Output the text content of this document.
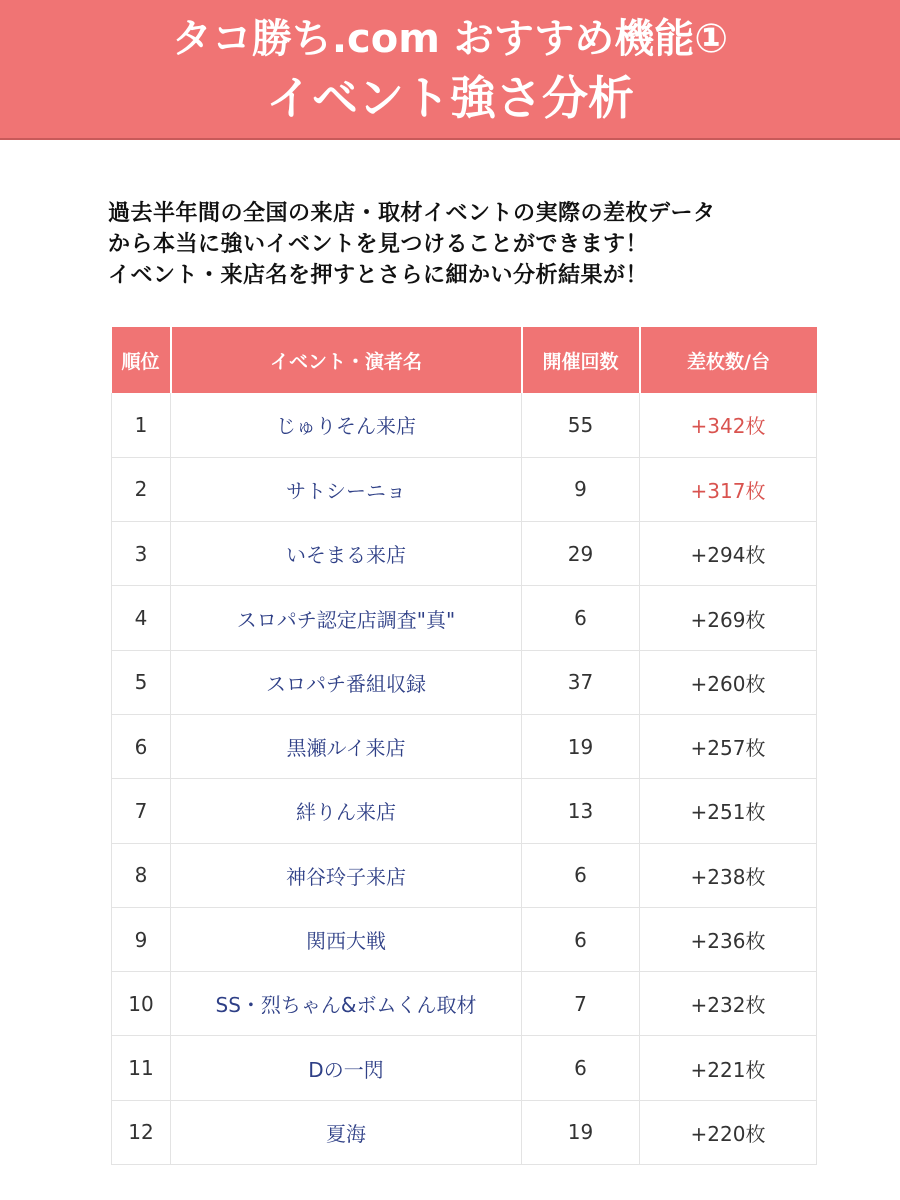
タコ勝ち.com おすすめ機能①
イベント強さ分析
過去半年間の全国の来店・取材イベントの実際の差枚データ
から本当に強いイベントを見つけることができます！
イベント・来店名を押すとさらに細かい分析結果が！
順位	イベント・演者名	開催回数	差枚数/台
1	じゅりそん来店	55	+342枚
2	サトシーニョ	9	+317枚
3	いそまる来店	29	+294枚
4	スロパチ認定店調査"真"	6	+269枚
5	スロパチ番組収録	37	+260枚
6	黒瀬ルイ来店	19	+257枚
7	絆りん来店	13	+251枚
8	神谷玲子来店	6	+238枚
9	関西大戦	6	+236枚
10	SS・烈ちゃん&ボムくん取材	7	+232枚
11	Dの一閃	6	+221枚
12	夏海	19	+220枚
